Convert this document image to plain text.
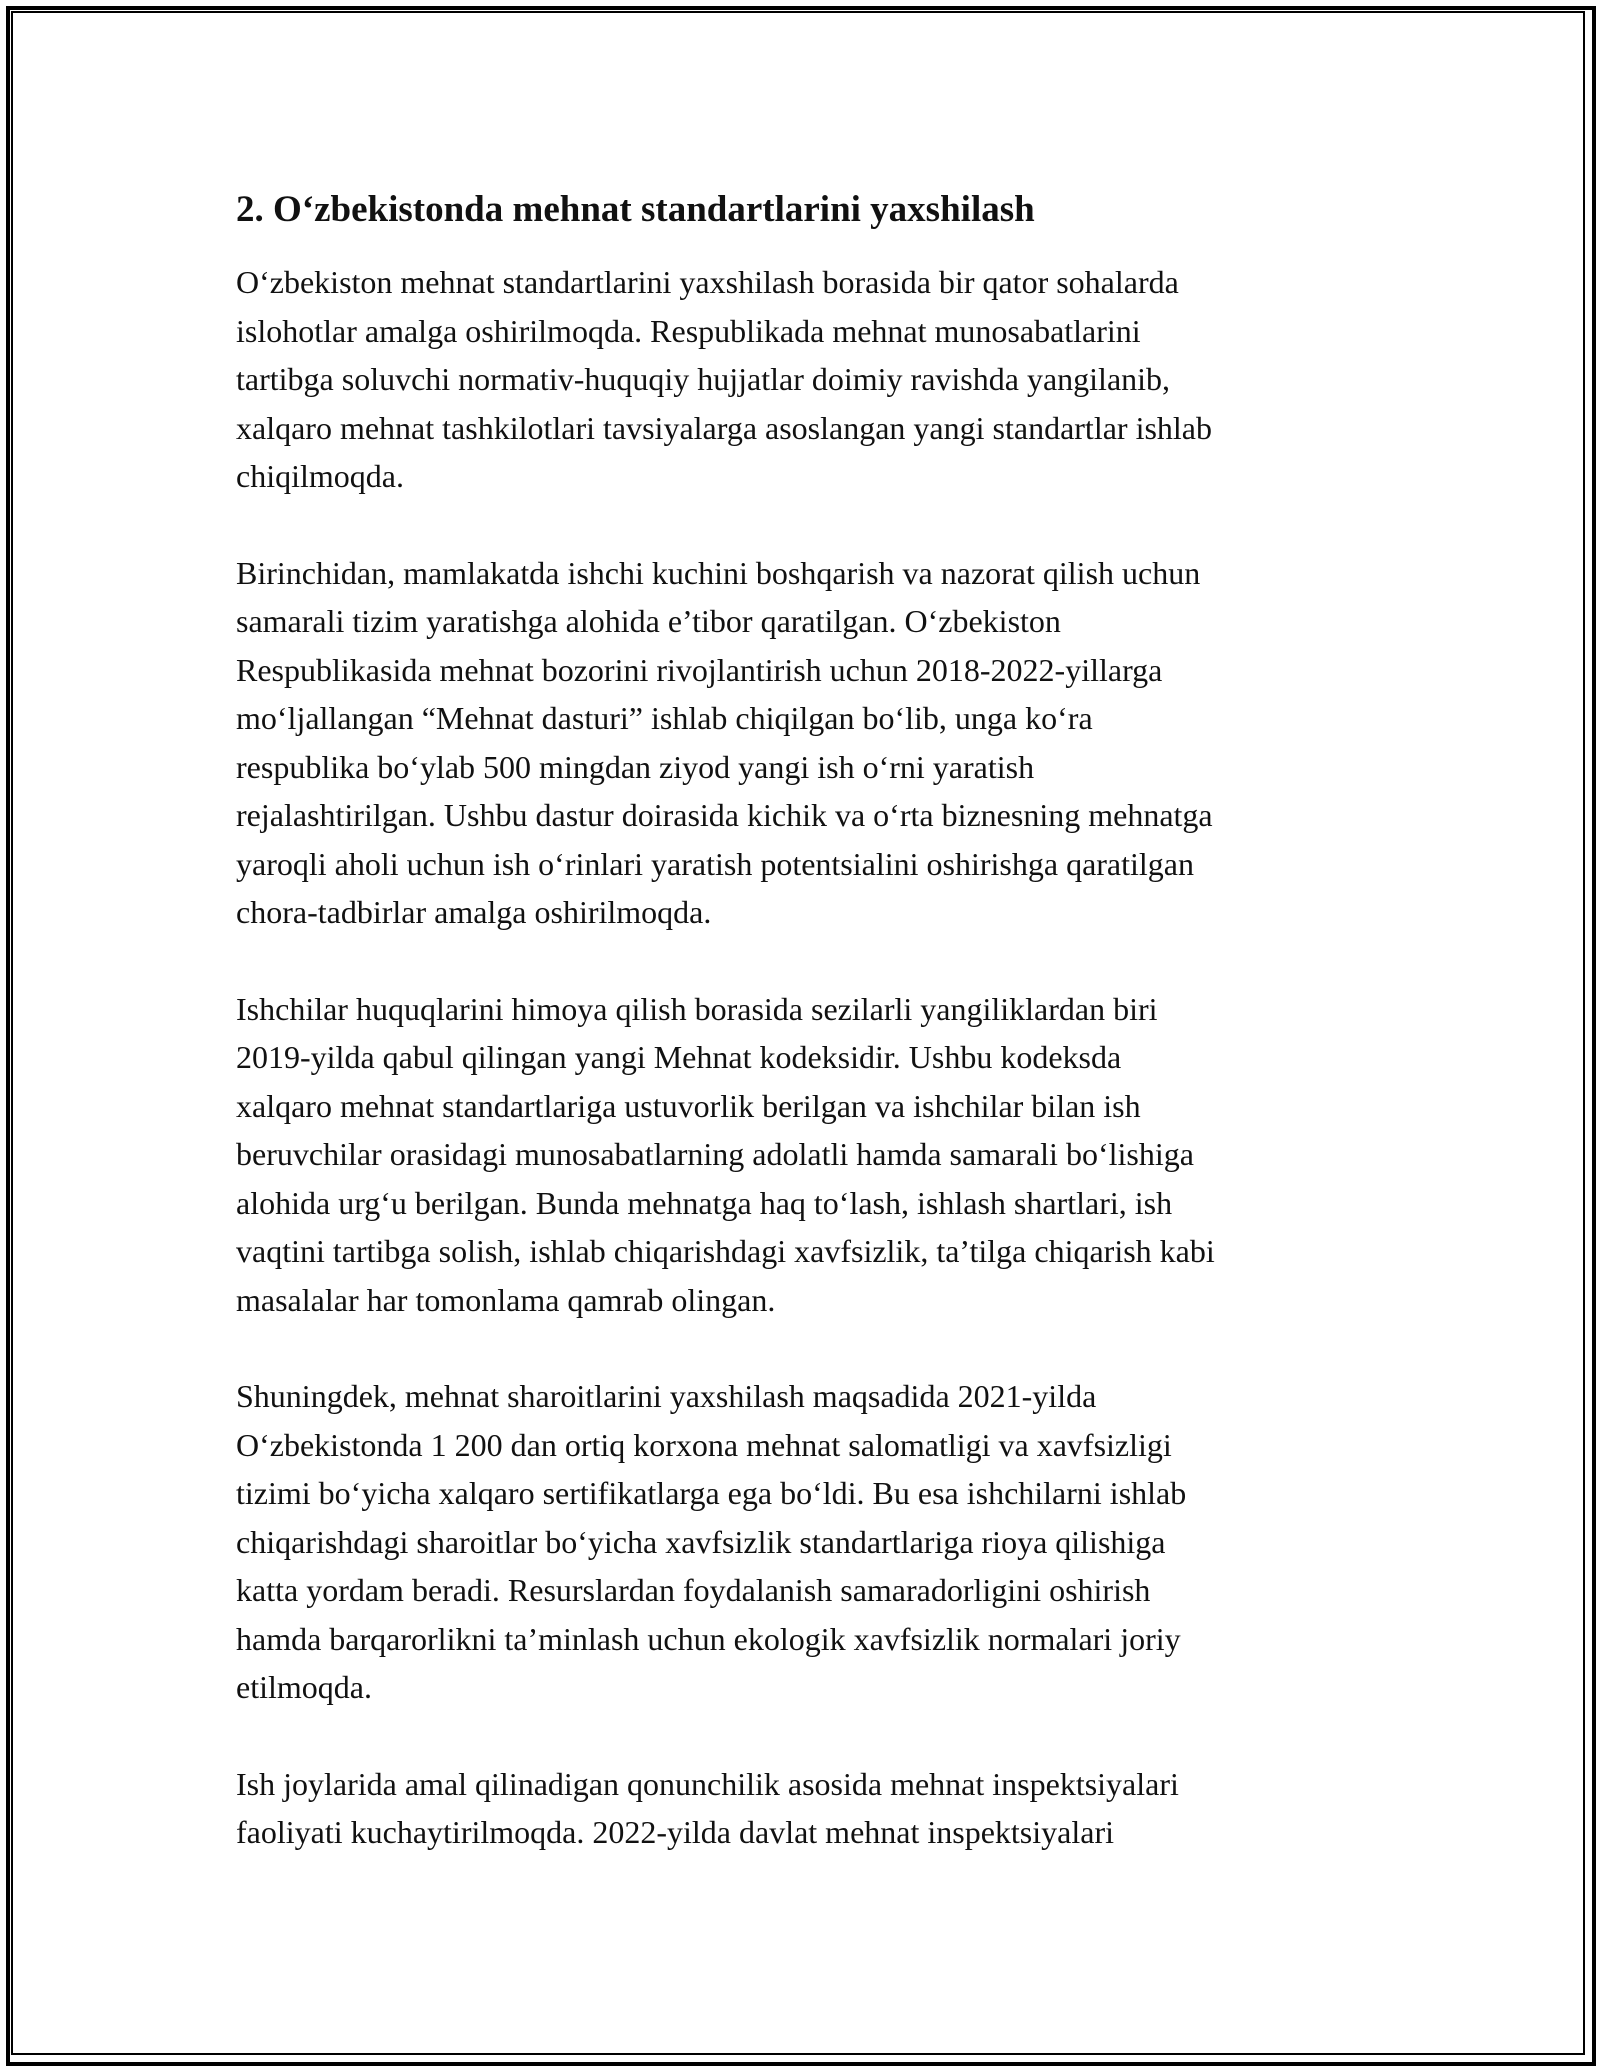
2. Oʻzbekistonda mehnat standartlarini yaxshilash

Oʻzbekiston mehnat standartlarini yaxshilash borasida bir qator sohalarda
islohotlar amalga oshirilmoqda. Respublikada mehnat munosabatlarini
tartibga soluvchi normativ-huquqiy hujjatlar doimiy ravishda yangilanib,
xalqaro mehnat tashkilotlari tavsiyalarga asoslangan yangi standartlar ishlab
chiqilmoqda.

Birinchidan, mamlakatda ishchi kuchini boshqarish va nazorat qilish uchun
samarali tizim yaratishga alohida e’tibor qaratilgan. Oʻzbekiston
Respublikasida mehnat bozorini rivojlantirish uchun 2018-2022-yillarga
moʻljallangan “Mehnat dasturi” ishlab chiqilgan boʻlib, unga koʻra
respublika boʻylab 500 mingdan ziyod yangi ish oʻrni yaratish
rejalashtirilgan. Ushbu dastur doirasida kichik va oʻrta biznesning mehnatga
yaroqli aholi uchun ish oʻrinlari yaratish potentsialini oshirishga qaratilgan
chora-tadbirlar amalga oshirilmoqda.

Ishchilar huquqlarini himoya qilish borasida sezilarli yangiliklardan biri
2019-yilda qabul qilingan yangi Mehnat kodeksidir. Ushbu kodeksda
xalqaro mehnat standartlariga ustuvorlik berilgan va ishchilar bilan ish
beruvchilar orasidagi munosabatlarning adolatli hamda samarali boʻlishiga
alohida urgʻu berilgan. Bunda mehnatga haq toʻlash, ishlash shartlari, ish
vaqtini tartibga solish, ishlab chiqarishdagi xavfsizlik, ta’tilga chiqarish kabi
masalalar har tomonlama qamrab olingan.

Shuningdek, mehnat sharoitlarini yaxshilash maqsadida 2021-yilda
Oʻzbekistonda 1 200 dan ortiq korxona mehnat salomatligi va xavfsizligi
tizimi boʻyicha xalqaro sertifikatlarga ega boʻldi. Bu esa ishchilarni ishlab
chiqarishdagi sharoitlar boʻyicha xavfsizlik standartlariga rioya qilishiga
katta yordam beradi. Resurslardan foydalanish samaradorligini oshirish
hamda barqarorlikni ta’minlash uchun ekologik xavfsizlik normalari joriy
etilmoqda.

Ish joylarida amal qilinadigan qonunchilik asosida mehnat inspektsiyalari
faoliyati kuchaytirilmoqda. 2022-yilda davlat mehnat inspektsiyalari
